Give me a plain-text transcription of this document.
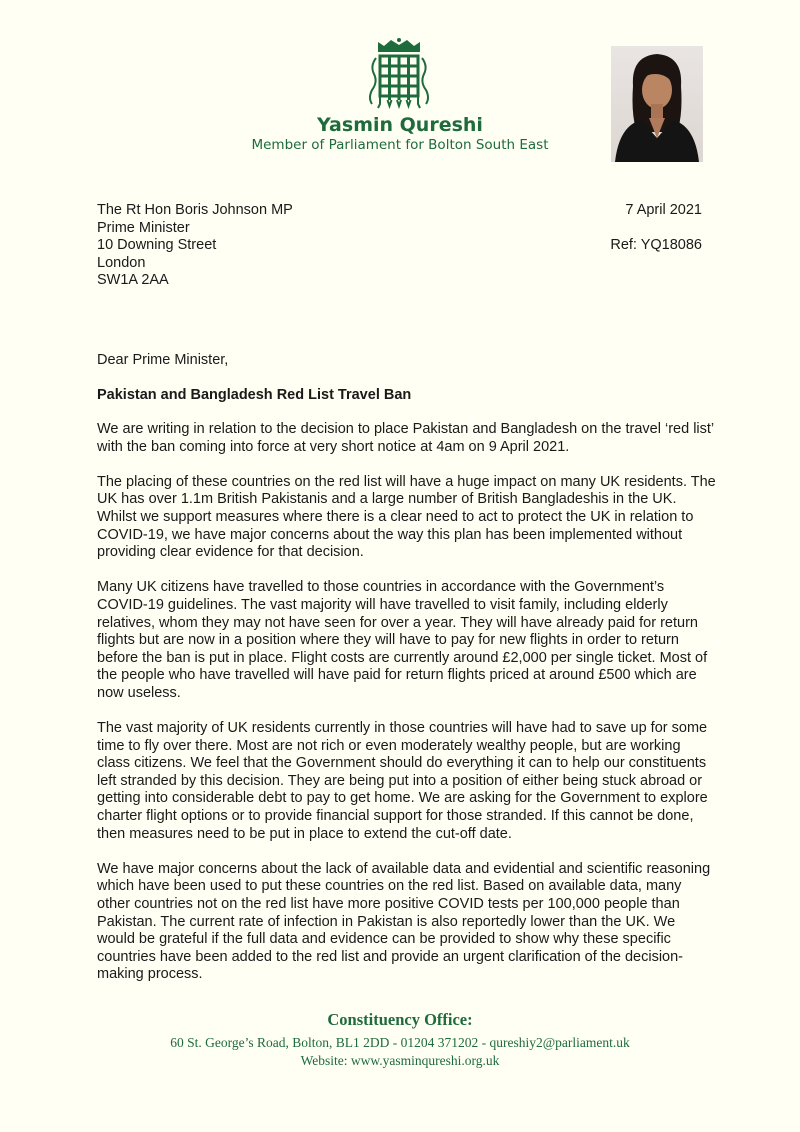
Yasmin Qureshi
Member of Parliament for Bolton South East
The Rt Hon Boris Johnson MP
Prime Minister
10 Downing Street
London
SW1A 2AA
7 April 2021
Ref: YQ18086
Dear Prime Minister,
Pakistan and Bangladesh Red List Travel Ban

We are writing in relation to the decision to place Pakistan and Bangladesh on the travel ‘red list’ with the ban coming into force at very short notice at 4am on 9 April 2021.

The placing of these countries on the red list will have a huge impact on many UK residents. The UK has over 1.1m British Pakistanis and a large number of British Bangladeshis in the UK. Whilst we support measures where there is a clear need to act to protect the UK in relation to COVID-19, we have major concerns about the way this plan has been implemented without providing clear evidence for that decision.

Many UK citizens have travelled to those countries in accordance with the Government’s COVID-19 guidelines. The vast majority will have travelled to visit family, including elderly relatives, whom they may not have seen for over a year. They will have already paid for return flights but are now in a position where they will have to pay for new flights in order to return before the ban is put in place. Flight costs are currently around £2,000 per single ticket. Most of the people who have travelled will have paid for return flights priced at around £500 which are now useless.

The vast majority of UK residents currently in those countries will have had to save up for some time to fly over there. Most are not rich or even moderately wealthy people, but are working class citizens. We feel that the Government should do everything it can to help our constituents left stranded by this decision. They are being put into a position of either being stuck abroad or getting into considerable debt to pay to get home. We are asking for the Government to explore charter flight options or to provide financial support for those stranded. If this cannot be done, then measures need to be put in place to extend the cut-off date.

We have major concerns about the lack of available data and evidential and scientific reasoning which have been used to put these countries on the red list. Based on available data, many other countries not on the red list have more positive COVID tests per 100,000 people than Pakistan. The current rate of infection in Pakistan is also reportedly lower than the UK. We would be grateful if the full data and evidence can be provided to show why these specific countries have been added to the red list and provide an urgent clarification of the decision-making process.

Constituency Office:
60 St. George’s Road, Bolton, BL1 2DD - 01204 371202 - qureshiy2@parliament.uk
Website: www.yasminqureshi.org.uk
